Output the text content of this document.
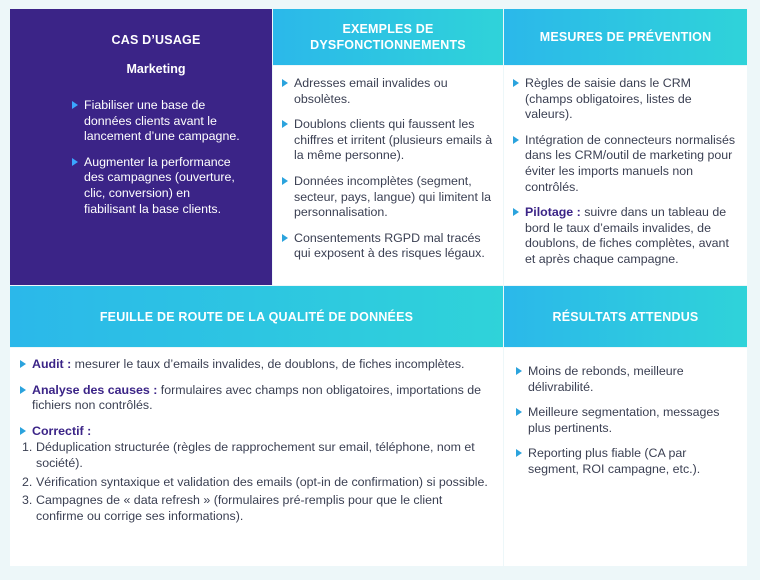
CAS D’USAGE
Marketing
Fiabiliser une base de données clients avant le lancement d’une campagne.
Augmenter la performance des campagnes (ouverture, clic, conversion) en fiabilisant la base clients.
EXEMPLES DE DYSFONCTIONNEMENTS
MESURES DE PRÉVENTION
Adresses email invalides ou obsolètes.
Doublons clients qui faussent les chiffres et irritent (plusieurs emails à la même personne).
Données incomplètes (segment, secteur, pays, langue) qui limitent la personnalisation.
Consentements RGPD mal tracés qui exposent à des risques légaux.
Règles de saisie dans le CRM (champs obligatoires, listes de valeurs).
Intégration de connecteurs normalisés dans les CRM/outil de marketing pour éviter les imports manuels non contrôlés.
Pilotage : suivre dans un tableau de bord le taux d’emails invalides, de doublons, de fiches complètes, avant et après chaque campagne.
FEUILLE DE ROUTE DE LA QUALITÉ DE DONNÉES	RÉSULTATS ATTENDUS
Audit : mesurer le taux d’emails invalides, de doublons, de fiches incomplètes.
Analyse des causes : formulaires avec champs non obligatoires, importations de fichiers non contrôlés.
Correctif :
1. Déduplication structurée (règles de rapprochement sur email, téléphone, nom et société).
2. Vérification syntaxique et validation des emails (opt-in de confirmation) si possible.
3. Campagnes de « data refresh » (formulaires pré-remplis pour que le client confirme ou corrige ses informations).
Moins de rebonds, meilleure délivrabilité.
Meilleure segmentation, messages plus pertinents.
Reporting plus fiable (CA par segment, ROI campagne, etc.).
